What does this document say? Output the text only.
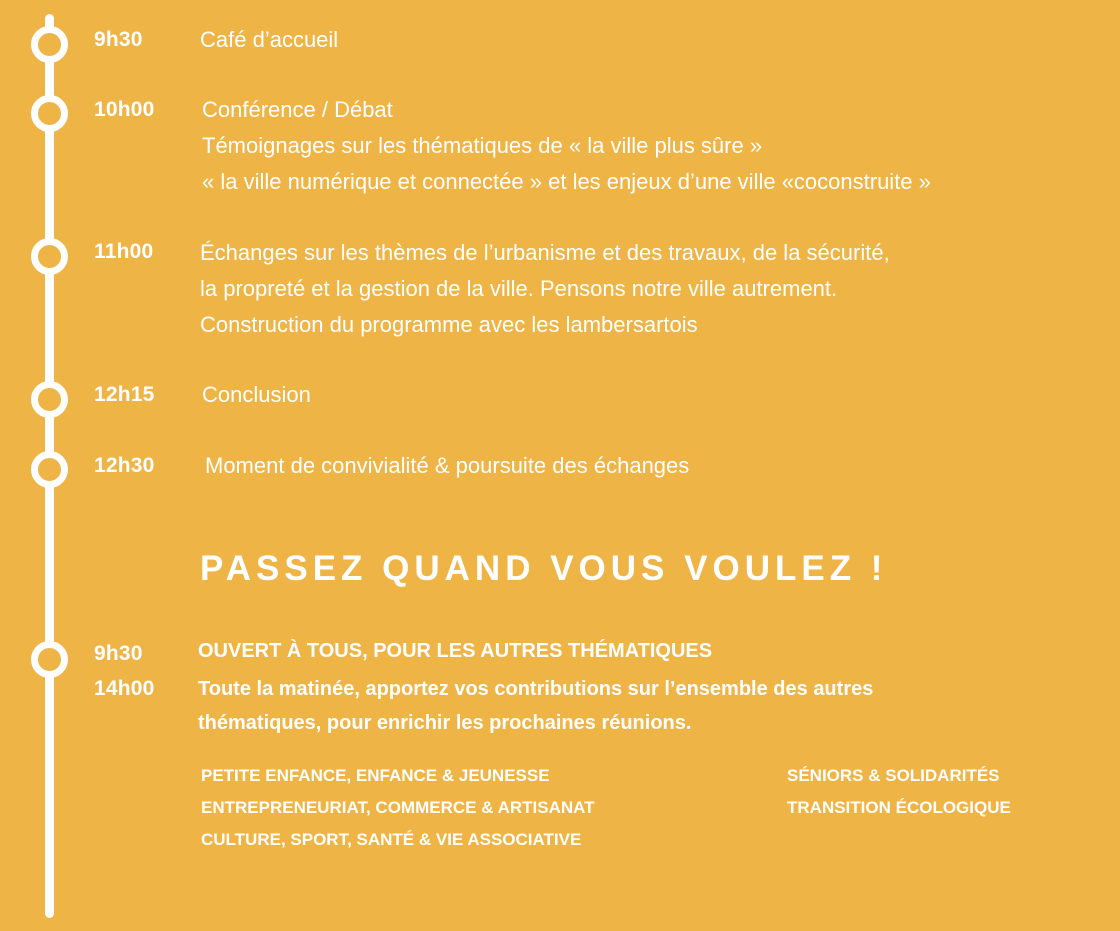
9h30	Café d’accueil
10h00 Conférence / Débat
Témoignages sur les thématiques de « la ville plus sûre »
« la ville numérique et connectée » et les enjeux d’une ville «coconstruite »
11h00 Échanges sur les thèmes de l’urbanisme et des travaux, de la sécurité,
la propreté et la gestion de la ville. Pensons notre ville autrement.
Construction du programme avec les lambersartois
12h15 Conclusion
12h30 Moment de convivialité & poursuite des échanges
PASSEZ QUAND VOUS VOULEZ !
9h30
14h00
OUVERT À TOUS, POUR LES AUTRES THÉMATIQUES
Toute la matinée, apportez vos contributions sur l’ensemble des autres
thématiques, pour enrichir les prochaines réunions.
PETITE ENFANCE, ENFANCE & JEUNESSE
ENTREPRENEURIAT, COMMERCE & ARTISANAT
CULTURE, SPORT, SANTÉ & VIE ASSOCIATIVE
SÉNIORS & SOLIDARITÉS
TRANSITION ÉCOLOGIQUE
